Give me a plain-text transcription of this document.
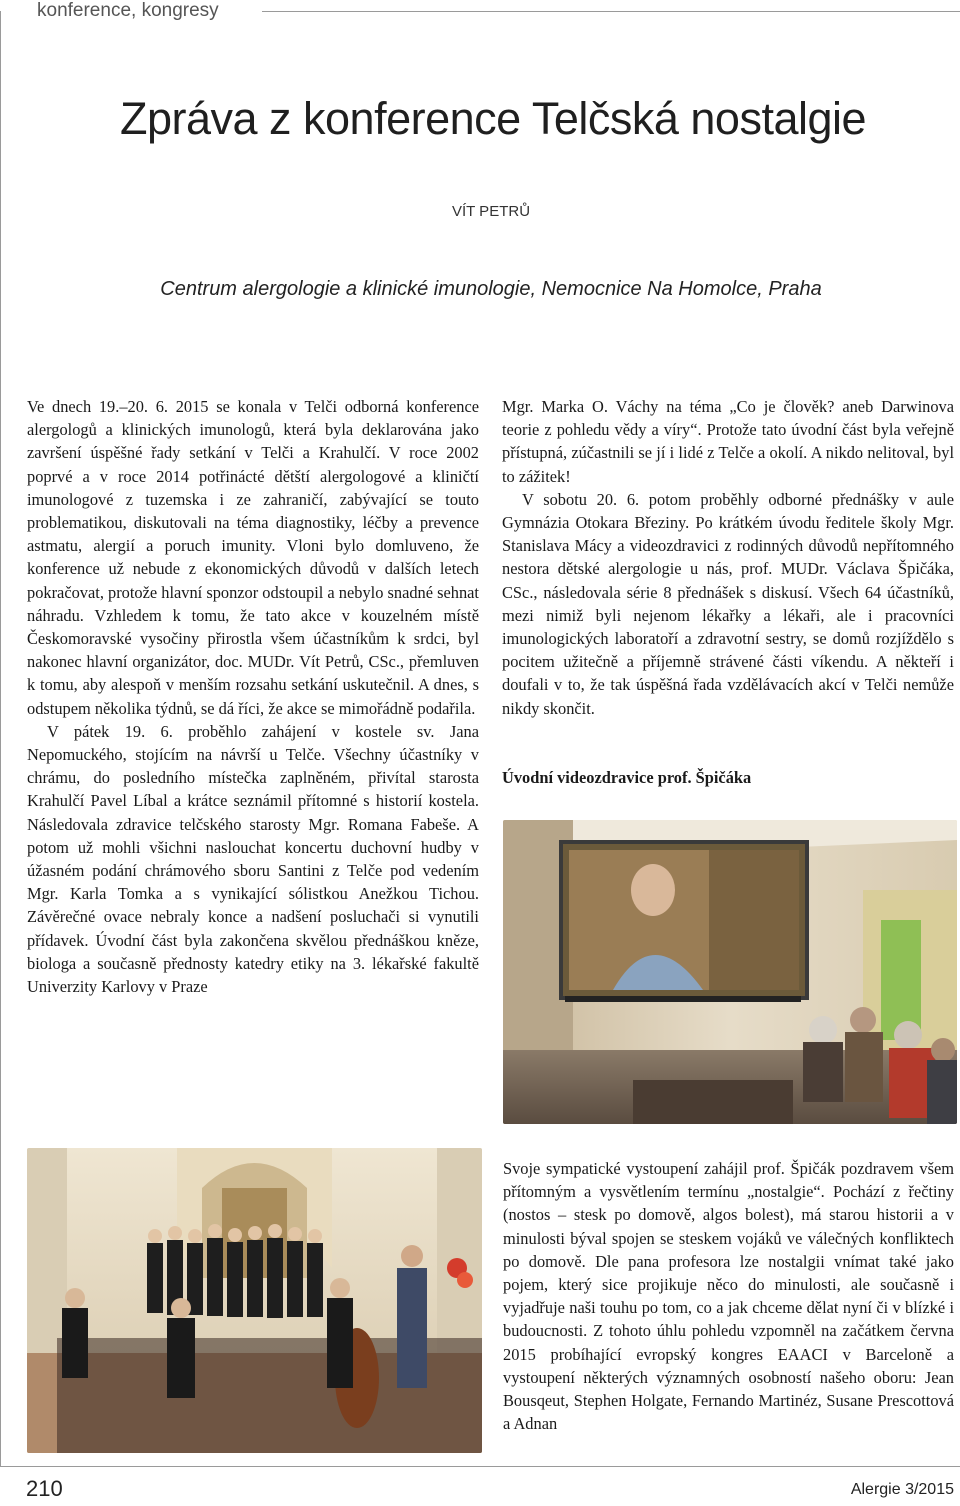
konference, kongresy
Zpráva z konference Telčská nostalgie
VÍT PETRŮ
Centrum alergologie a klinické imunologie, Nemocnice Na Homolce, Praha

Ve dnech 19.–20. 6. 2015 se konala v Telči odborná konference alergologů a klinických imunologů, která byla deklarována jako završení úspěšné řady setkání v Telči a Krahulčí. V roce 2002 poprvé a v roce 2014 potřinácté dětští alergologové a kliničtí imunologové z tuzemska i ze zahraničí, zabývající se touto problematikou, diskutovali na téma diagnostiky, léčby a prevence astmatu, alergií a poruch imunity. Vloni bylo domluveno, že konference už nebude z ekonomických důvodů v dalších letech pokračovat, protože hlavní sponzor odstoupil a nebylo snadné sehnat náhradu. Vzhledem k tomu, že tato akce v kouzelném místě Českomoravské vysočiny přirostla všem účastníkům k srdci, byl nakonec hlavní organizátor, doc. MUDr. Vít Petrů, CSc., přemluven k tomu, aby alespoň v menším rozsahu setkání uskutečnil. A dnes, s odstupem několika týdnů, se dá říci, že akce se mimořádně podařila.

V pátek 19. 6. proběhlo zahájení v kostele sv. Jana Nepomuckého, stojícím na návrší u Telče. Všechny účastníky v chrámu, do posledního místečka zaplněném, přivítal starosta Krahulčí Pavel Líbal a krátce seznámil přítomné s historií kostela. Následovala zdravice telčského starosty Mgr. Romana Fabeše. A potom už mohli všichni naslouchat koncertu duchovní hudby v úžasném podání chrámového sboru Santini z Telče pod vedením Mgr. Karla Tomka a s vynikající sólistkou Anežkou Tichou. Závěrečné ovace nebraly konce a nadšení posluchači si vynutili přídavek. Úvodní část byla zakončena skvělou přednáškou kněze, biologa a současně přednosty katedry etiky na 3. lékařské fakultě Univerzity Karlovy v Praze

Mgr. Marka O. Váchy na téma „Co je člověk? aneb Darwinova teorie z pohledu vědy a víry“. Protože tato úvodní část byla veřejně přístupná, zúčastnili se jí i lidé z Telče a okolí. A nikdo nelitoval, byl to zážitek!

V sobotu 20. 6. potom proběhly odborné přednášky v aule Gymnázia Otokara Březiny. Po krátkém úvodu ředitele školy Mgr. Stanislava Mácy a videozdravici z rodinných důvodů nepřítomného nestora dětské alergologie u nás, prof. MUDr. Václava Špičáka, CSc., následovala série 8 přednášek s diskusí. Všech 64 účastníků, mezi nimiž byli nejenom lékařky a lékaři, ale i pracovníci imunologických laboratoří a zdravotní sestry, se domů rozjíždělo s pocitem užitečně a příjemně strávené části víkendu. A někteří i doufali v to, že tak úspěšná řada vzdělávacích akcí v Telči nemůže nikdy skončit.

Úvodní videozdravice prof. Špičáka

Svoje sympatické vystoupení zahájil prof. Špičák pozdravem všem přítomným a vysvětlením termínu „nostalgie“. Pochází z řečtiny (nostos – stesk po domově, algos bolest), má starou historii a v minulosti býval spojen se steskem vojáků ve válečných konfliktech po domově. Dle pana profesora lze nostalgii vnímat také jako pojem, který sice projikuje něco do minulosti, ale současně i vyjadřuje naši touhu po tom, co a jak chceme dělat nyní či v blízké i budoucnosti. Z tohoto úhlu pohledu vzpomněl na začátkem června 2015 probíhající evropský kongres EAACI v Barceloně a vystoupení některých významných osobností našeho oboru: Jean Bousqeut, Stephen Holgate, Fernando Martinéz, Susane Prescottová a Adnan

210	Alergie 3/2015
